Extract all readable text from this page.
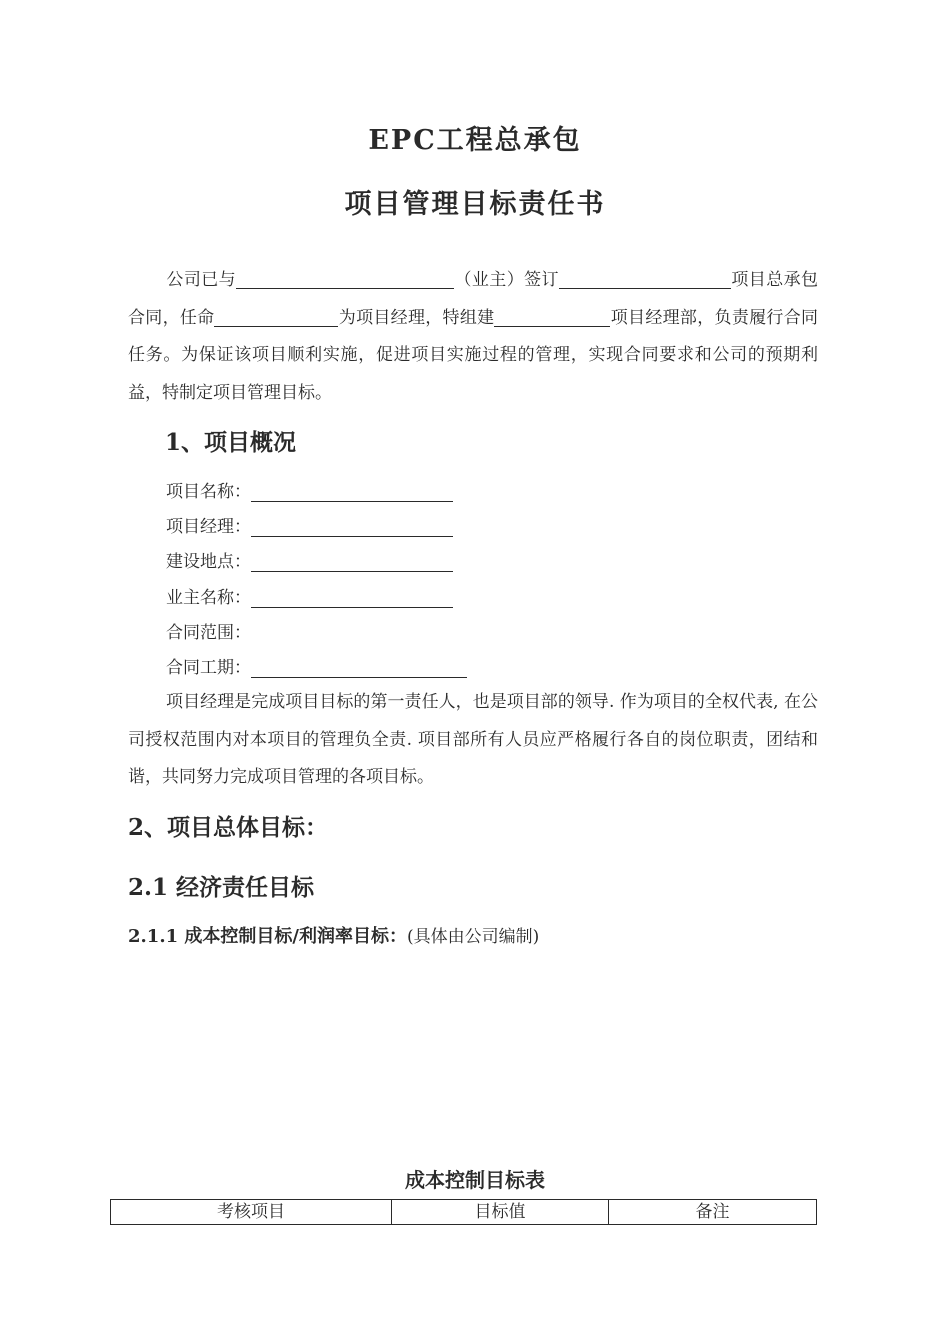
EPC工程总承包
项目管理目标责任书
公司已与	（业主）签订	项目总承包合同，任命	为项目经理，特组建	项目经理部，负责履行合同任务。为保证该项目顺利实施，促进项目实施过程的管理，实现合同要求和公司的预期利益，特制定项目管理目标。
1、项目概况
项目名称：
项目经理：
建设地点：
业主名称：
合同范围：
合同工期：
项目经理是完成项目目标的第一责任人，也是项目部的领导. 作为项目的全权代表, 在公司授权范围内对本项目的管理负全责. 项目部所有人员应严格履行各自的岗位职责，团结和谐，共同努力完成项目管理的各项目标。
2、项目总体目标：
2.1 经济责任目标
2.1.1 成本控制目标/利润率目标：(具体由公司编制)
成本控制目标表
考核项目	目标值	备注
